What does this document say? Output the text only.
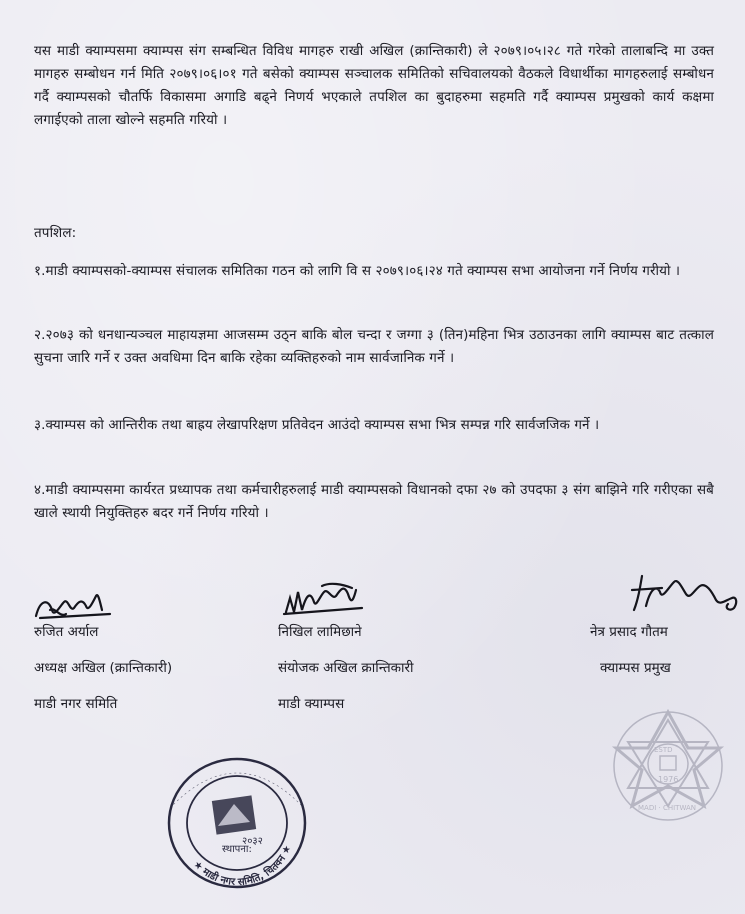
यस माडी क्याम्पसमा क्याम्पस संग सम्बन्धित विविध मागहरु राखी अखिल (क्रान्तिकारी) ले २०७९।०५।२८ गते गरेको तालाबन्दि मा उक्त मागहरु सम्बोधन गर्न मिति २०७९।०६।०१ गते बसेको क्याम्पस सञ्चालक समितिको सचिवालयको वैठकले विधार्थीका मागहरुलाई सम्बोधन गर्दै क्याम्पसको चौतर्फि विकासमा अगाडि बढ्ने निणर्य भएकाले तपशिल का बुदाहरुमा सहमति गर्दै क्याम्पस प्रमुखको कार्य कक्षमा लगाईएको ताला खोल्ने सहमति गरियो ।

तपशिल:

१.माडी क्याम्पसको-क्याम्पस संचालक समितिका गठन को लागि वि स २०७९।०६।२४ गते क्याम्पस सभा आयोजना गर्ने निर्णय गरीयो ।

२.२०७३ को धनधान्यञ्चल माहायज्ञमा आजसम्म उठ्न बाकि बोल चन्दा र जग्गा ३ (तिन)महिना भित्र उठाउनका लागि क्याम्पस बाट तत्काल सुचना जारि गर्ने र उक्त अवधिमा दिन बाकि रहेका व्यक्तिहरुको नाम सार्वजानिक गर्ने ।

३.क्याम्पस को आन्तिरीक तथा बाह्रय लेखापरिक्षण प्रतिवेदन आउंदो क्याम्पस सभा भित्र सम्पन्न गरि सार्वजजिक गर्ने ।

४.माडी क्याम्पसमा कार्यरत प्रध्यापक तथा कर्मचारीहरुलाई माडी क्याम्पसको विधानको दफा २७ को उपदफा ३ संग बाझिने गरि गरीएका सबै खाले स्थायी नियुक्तिहरु बदर गर्ने निर्णय गरियो ।

रुजित अर्याल
अध्यक्ष अखिल (क्रान्तिकारी)
माडी नगर समिति
निखिल लामिछाने
संयोजक अखिल क्रान्तिकारी
माडी क्याम्पस
नेत्र प्रसाद गौतम
क्याम्पस प्रमुख
स्थापना:
२०३२
★ माडी नगर समिति, चितवन ★
ESTD
1976
MADI · CHITWAN
